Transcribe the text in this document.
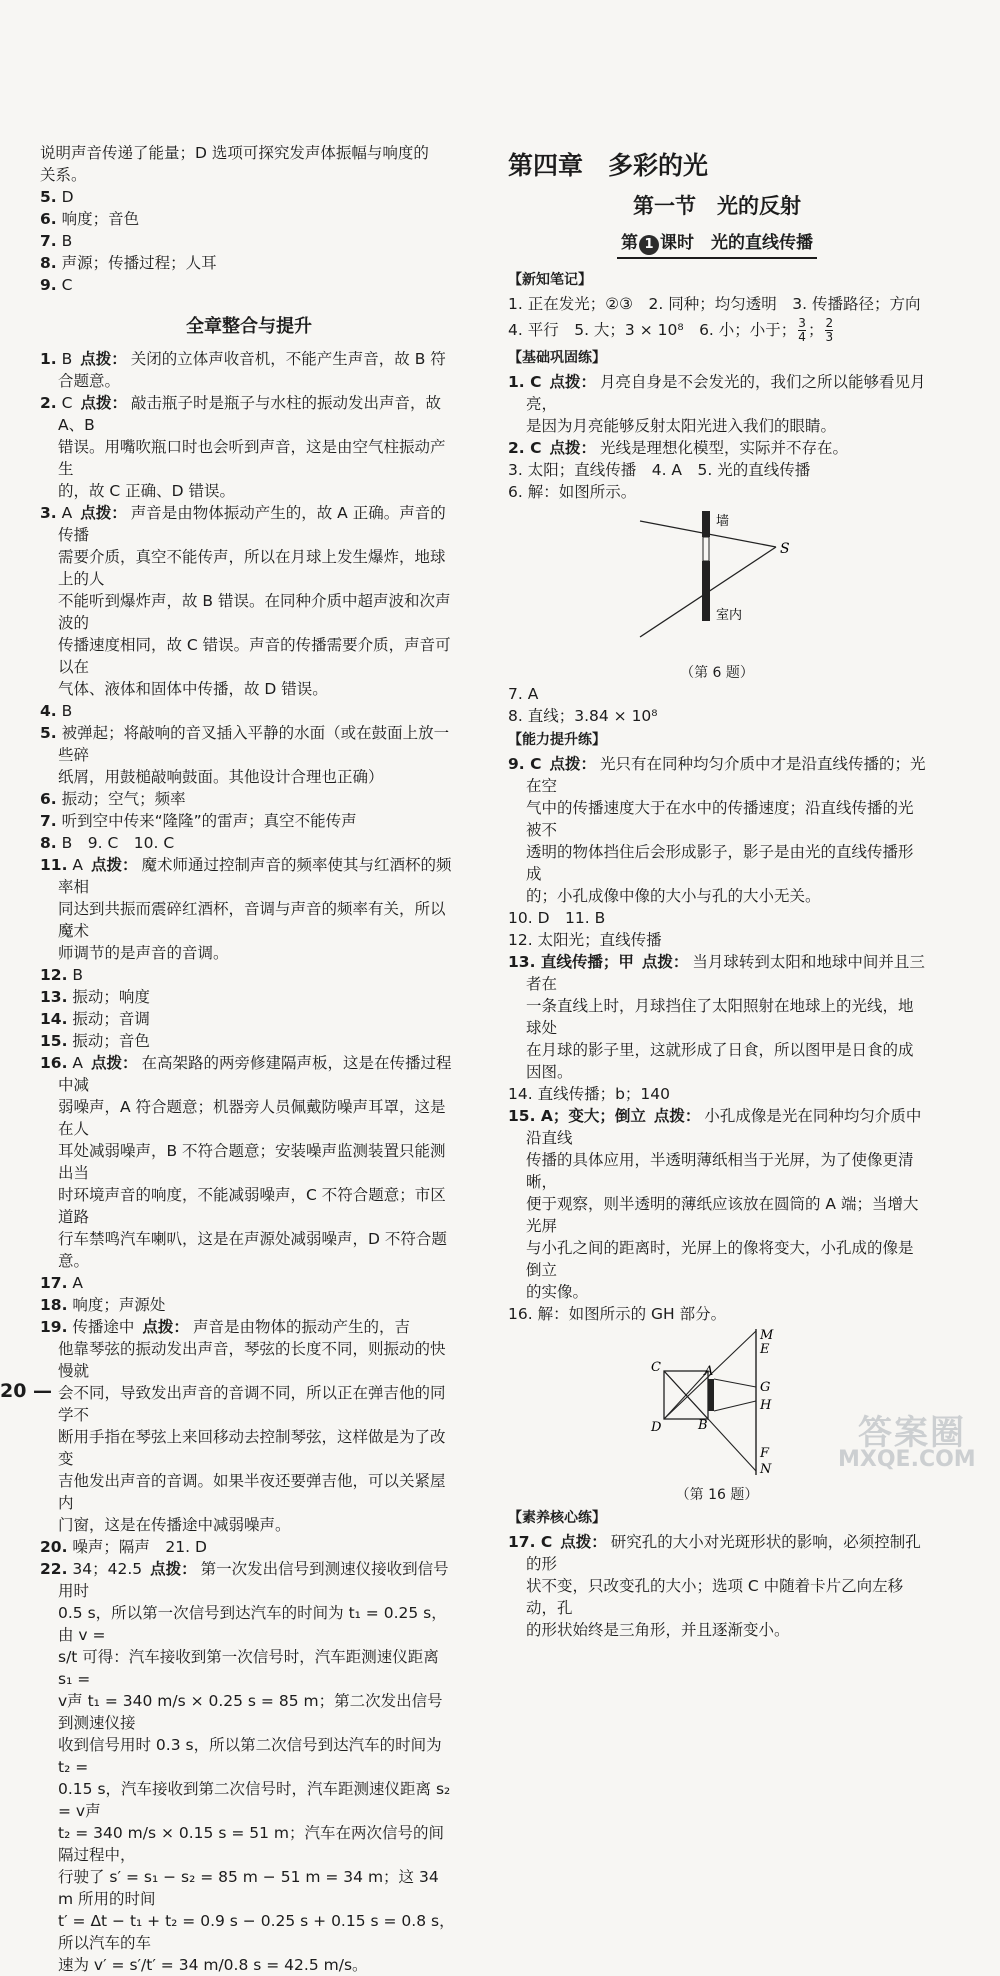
说明声音传递了能量；D 选项可探究发声体振幅与响度的
关系。
5. D
6. 响度；音色
7. B
8. 声源；传播过程；人耳
9. C
全章整合与提升
1. B 点拨： 关闭的立体声收音机，不能产生声音，故 B 符合题意。
2. C 点拨： 敲击瓶子时是瓶子与水柱的振动发出声音，故 A、B
错误。用嘴吹瓶口时也会听到声音，这是由空气柱振动产生
的，故 C 正确、D 错误。
3. A 点拨： 声音是由物体振动产生的，故 A 正确。声音的传播
需要介质，真空不能传声，所以在月球上发生爆炸，地球上的人
不能听到爆炸声，故 B 错误。在同种介质中超声波和次声波的
传播速度相同，故 C 错误。声音的传播需要介质，声音可以在
气体、液体和固体中传播，故 D 错误。
4. B
5. 被弹起；将敲响的音叉插入平静的水面（或在鼓面上放一些碎
纸屑，用鼓槌敲响鼓面。其他设计合理也正确）
6. 振动；空气；频率
7. 听到空中传来“隆隆”的雷声；真空不能传声
8. B　9. C　10. C
11. A 点拨： 魔术师通过控制声音的频率使其与红酒杯的频率相
同达到共振而震碎红酒杯，音调与声音的频率有关，所以魔术
师调节的是声音的音调。
12. B
13. 振动；响度
14. 振动；音调
15. 振动；音色
16. A 点拨： 在高架路的两旁修建隔声板，这是在传播过程中减
弱噪声，A 符合题意；机器旁人员佩戴防噪声耳罩，这是在人
耳处减弱噪声，B 不符合题意；安装噪声监测装置只能测出当
时环境声音的响度，不能减弱噪声，C 不符合题意；市区道路
行车禁鸣汽车喇叭，这是在声源处减弱噪声，D 不符合题意。
17. A
18. 响度；声源处
19. 传播途中 点拨： 声音是由物体的振动产生的，吉
他靠琴弦的振动发出声音，琴弦的长度不同，则振动的快慢就
会不同，导致发出声音的音调不同，所以正在弹吉他的同学不
断用手指在琴弦上来回移动去控制琴弦，这样做是为了改变
吉他发出声音的音调。如果半夜还要弹吉他，可以关紧屋内
门窗，这是在传播途中减弱噪声。
20. 噪声；隔声　21. D
22. 34；42.5 点拨： 第一次发出信号到测速仪接收到信号用时
0.5 s，所以第一次信号到达汽车的时间为 t₁ = 0.25 s，由 v =
s/t 可得：汽车接收到第一次信号时，汽车距测速仪距离 s₁ =
v声 t₁ = 340 m/s × 0.25 s = 85 m；第二次发出信号到测速仪接
收到信号用时 0.3 s，所以第二次信号到达汽车的时间为 t₂ =
0.15 s，汽车接收到第二次信号时，汽车距测速仪距离 s₂ = v声
t₂ = 340 m/s × 0.15 s = 51 m；汽车在两次信号的间隔过程中，
行驶了 s′ = s₁ − s₂ = 85 m − 51 m = 34 m；这 34 m 所用的时间
t′ = Δt − t₁ + t₂ = 0.9 s − 0.25 s + 0.15 s = 0.8 s，所以汽车的车
速为 v′ = s′/t′ = 34 m/0.8 s = 42.5 m/s。
第四章　多彩的光
第一节　光的反射
第 1 课时　光的直线传播
【新知笔记】
1. 正在发光；②③　2. 同种；均匀透明　3. 传播路径；方向
4. 平行　5. 大；3 × 10⁸　6. 小；小于； $\frac{3}{4}$ ； $\frac{2}{3}$
【基础巩固练】
1. C 点拨： 月亮自身是不会发光的，我们之所以能够看见月亮，
是因为月亮能够反射太阳光进入我们的眼睛。
2. C 点拨： 光线是理想化模型，实际并不存在。
3. 太阳；直线传播　4. A　5. 光的直线传播
6. 解：如图所示。
墙
室内
S
（第 6 题）
7. A
8. 直线；3.84 × 10⁸
【能力提升练】
9. C 点拨： 光只有在同种均匀介质中才是沿直线传播的；光在空
气中的传播速度大于在水中的传播速度；沿直线传播的光被不
透明的物体挡住后会形成影子，影子是由光的直线传播形成
的；小孔成像中像的大小与孔的大小无关。
10. D　11. B
12. 太阳光；直线传播
13. 直线传播；甲 点拨： 当月球转到太阳和地球中间并且三者在
一条直线上时，月球挡住了太阳照射在地球上的光线，地球处
在月球的影子里，这就形成了日食，所以图甲是日食的成
因图。
14. 直线传播；b；140
15. A；变大；倒立 点拨： 小孔成像是光在同种均匀介质中沿直线
传播的具体应用，半透明薄纸相当于光屏，为了使像更清晰，
便于观察，则半透明的薄纸应该放在圆筒的 A 端；当增大光屏
与小孔之间的距离时，光屏上的像将变大，小孔成的像是倒立
的实像。
16. 解：如图所示的 GH 部分。
M
E
C	A
G
H
B
D
F
N
（第 16 题）
【素养核心练】
17. C 点拨： 研究孔的大小对光斑形状的影响，必须控制孔的形
状不变，只改变孔的大小；选项 C 中随着卡片乙向左移动，孔
的形状始终是三角形，并且逐渐变小。
20 —
答案圈
MXQE.COM
